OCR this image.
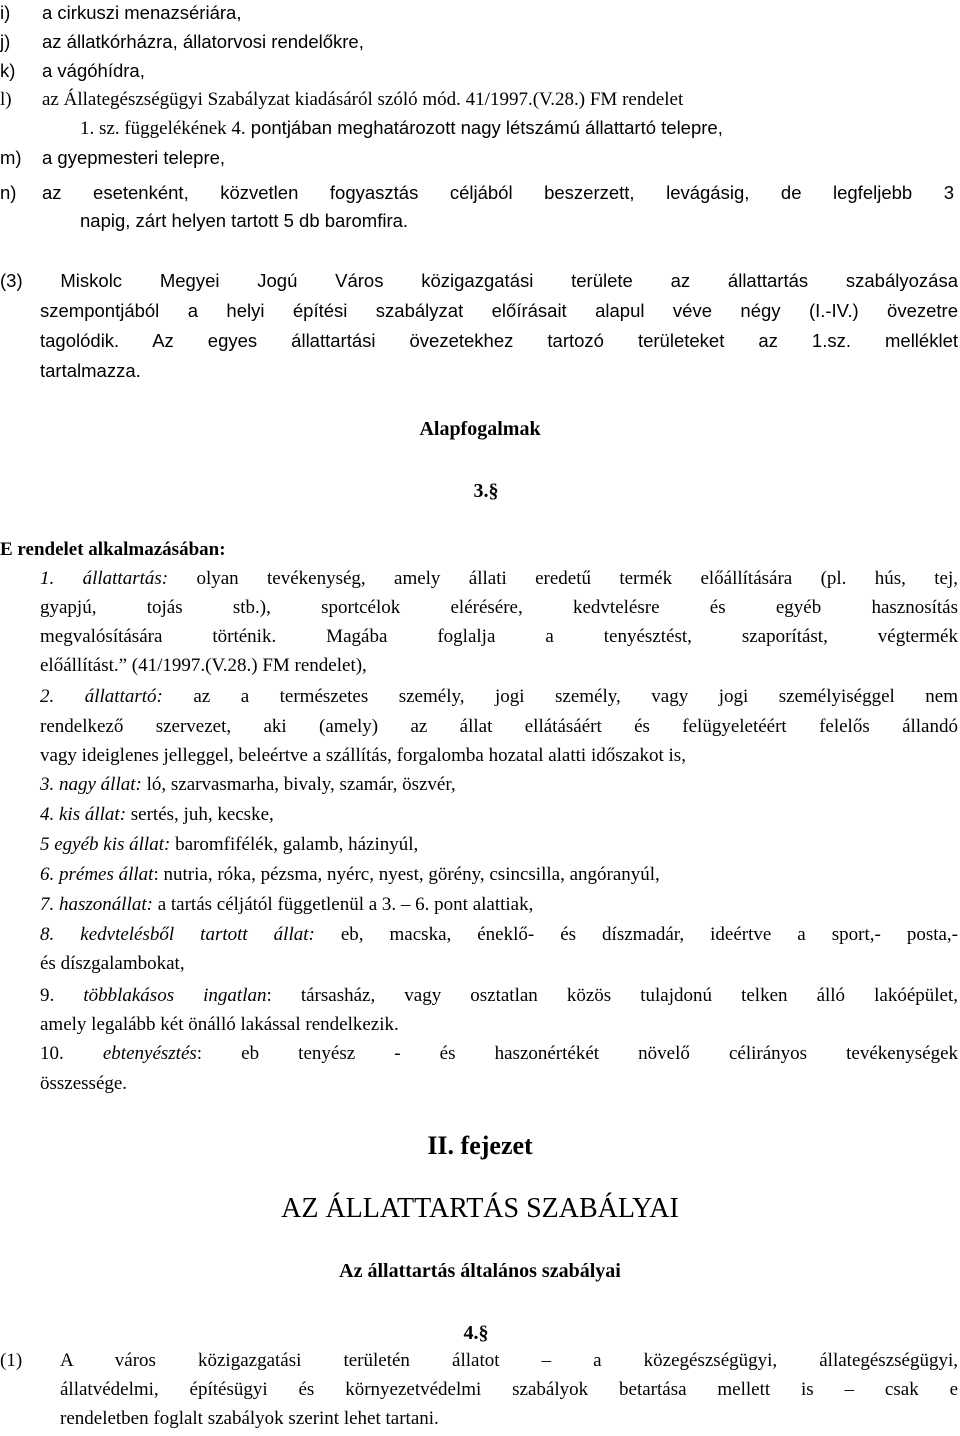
i) a cirkuszi menazsériára,
j) az állatkórházra, állatorvosi rendelőkre,
k) a vágóhídra,
l) az Állategészségügyi Szabályzat kiadásáról szóló mód. 41/1997.(V.28.) FM rendelet
1. sz. függelékének 4. pontjában meghatározott nagy létszámú állattartó telepre,
m) a gyepmesteri telepre,
n) az esetenként, közvetlen fogyasztás céljából beszerzett, levágásig, de legfeljebb 3
napig, zárt helyen tartott 5 db baromfira.
(3) Miskolc Megyei Jogú Város közigazgatási területe az állattartás szabályozása
szempontjából a helyi építési szabályzat előírásait alapul véve négy (I.-IV.) övezetre
tagolódik. Az egyes állattartási övezetekhez tartozó területeket az 1.sz. melléklet
tartalmazza.
Alapfogalmak
3.§
E rendelet alkalmazásában:
1. állattartás: olyan tevékenység, amely állati eredetű termék előállítására (pl. hús, tej,
gyapjú, tojás stb.), sportcélok elérésére, kedvtelésre és egyéb hasznosítás
megvalósítására történik. Magába foglalja a tenyésztést, szaporítást, végtermék
előállítást.” (41/1997.(V.28.) FM rendelet),
2. állattartó: az a természetes személy, jogi személy, vagy jogi személyiséggel nem
rendelkező szervezet, aki (amely) az állat ellátásáért és felügyeletéért felelős állandó
vagy ideiglenes jelleggel, beleértve a szállítás, forgalomba hozatal alatti időszakot is,
3. nagy állat: ló, szarvasmarha, bivaly, szamár, öszvér,
4. kis állat: sertés, juh, kecske,
5 egyéb kis állat: baromfifélék, galamb, házinyúl,
6. prémes állat: nutria, róka, pézsma, nyérc, nyest, görény, csincsilla, angóranyúl,
7. haszonállat: a tartás céljától függetlenül a 3. – 6. pont alattiak,
8. kedvtelésből tartott állat: eb, macska, éneklő- és díszmadár, ideértve a sport,- posta,-
és díszgalambokat,
9. többlakásos ingatlan: társasház, vagy osztatlan közös tulajdonú telken álló lakóépület,
amely legalább két önálló lakással rendelkezik.
10. ebtenyésztés: eb tenyész - és haszonértékét növelő célirányos tevékenységek
összessége.
II. fejezet
AZ ÁLLATTARTÁS SZABÁLYAI
Az állattartás általános szabályai
4.§
(1) A város közigazgatási területén állatot – a közegészségügyi, állategészségügyi,
állatvédelmi, építésügyi és környezetvédelmi szabályok betartása mellett is – csak e
rendeletben foglalt szabályok szerint lehet tartani.
